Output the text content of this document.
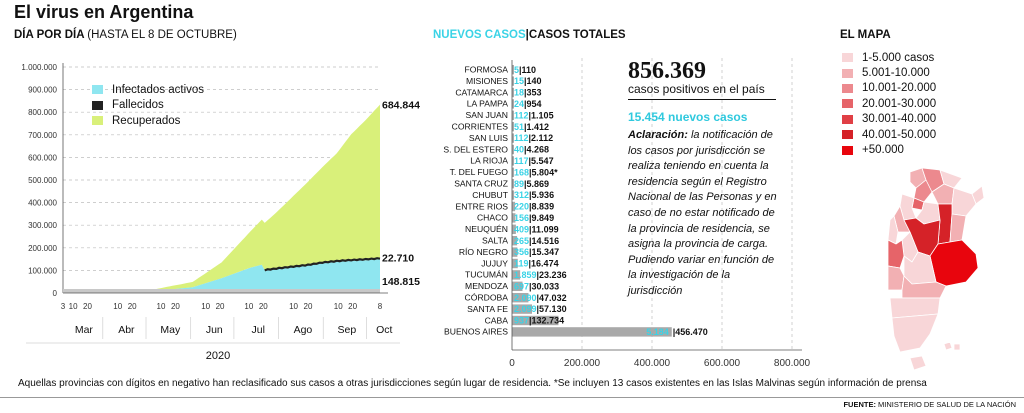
El virus en Argentina
DÍA POR DÍA (HASTA EL 8 DE OCTUBRE)	NUEVOS CASOS|CASOS TOTALES	EL MAPA
0
100.000
200.000
300.000
400.000
500.000
600.000
700.000
800.000
900.000
1.000.000
684.844
22.710
148.815
3 10 20	10 20 10 20	10 20 10 20	10 20	10 20	8
Mar Abr May Jun	Jul	Ago Sep Oct
2020
Infectados activos
Fallecidos
Recuperados
FORMOSA 5|110
MISIONES 15|140
CATAMARCA 18|353
LA PAMPA 24|954
SAN JUAN 112|1.105
CORRIENTES 51|1.412
SAN LUIS 112|2.112
S. DEL ESTERO 40|4.268
LA RIOJA 117|5.547
T. DEL FUEGO 168|5.804*
SANTA CRUZ 89|5.869
CHUBUT 312|5.936
ENTRE RIOS 220|8.839
CHACO 156|9.849
NEUQUÉN 409|11.099
SALTA 265|14.516
RÍO NEGRO 356|15.347
JUJUY 119|16.474
TUCUMÁN 1.859|23.236
MENDOZA 697|30.033
CÓRDOBA 2.090|47.032
SANTA FE 2.099|57.130
CABA 937|132.734
BUENOS AIRES	5.184 |456.470
0	200.000	400.000	600.000	800.000
856.369
casos positivos en el país
15.454 nuevos casos
Aclaración: la notificación de los casos por jurisdicción se realiza teniendo en cuenta la residencia según el Registro Nacional de las Personas y en caso de no estar notificado de la provincia de residencia, se asigna la provincia de carga. Pudiendo variar en función de la investigación de la jurisdicción
1-5.000 casos
5.001-10.000
10.001-20.000
20.001-30.000
30.001-40.000
40.001-50.000
+50.000
Aquellas provincias con dígitos en negativo han reclasificado sus casos a otras jurisdicciones según lugar de residencia. *Se incluyen 13 casos existentes en las Islas Malvinas según información de prensa
FUENTE: MINISTERIO DE SALUD DE LA NACIÓN
